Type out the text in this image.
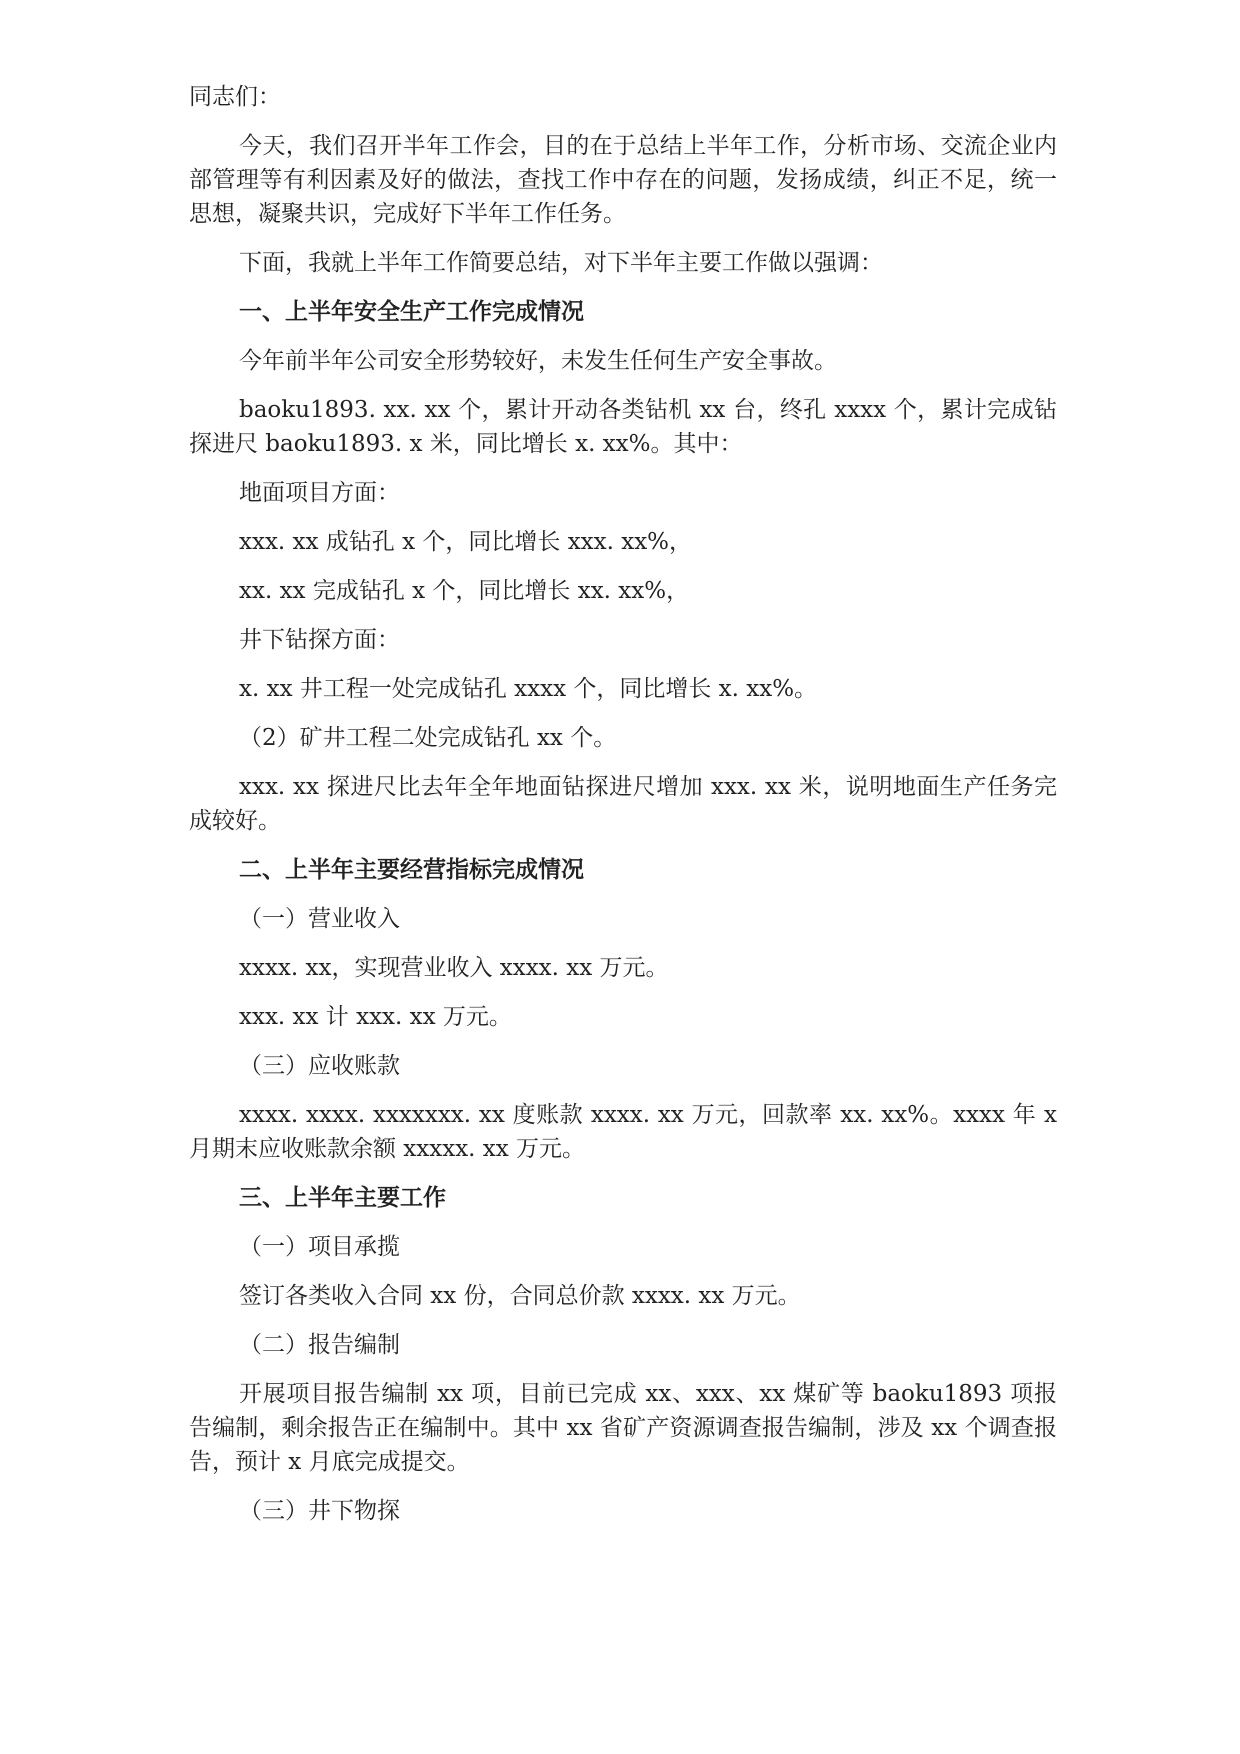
同志们：

今天，我们召开半年工作会，目的在于总结上半年工作，分析市场、交流企业内部管理等有利因素及好的做法，查找工作中存在的问题，发扬成绩，纠正不足，统一思想，凝聚共识，完成好下半年工作任务。

下面，我就上半年工作简要总结，对下半年主要工作做以强调：

一、上半年安全生产工作完成情况

今年前半年公司安全形势较好，未发生任何生产安全事故。

baoku1893. xx. xx 个，累计开动各类钻机 xx 台，终孔 xxxx 个，累计完成钻探进尺 baoku1893. x 米，同比增长 x. xx%。其中：

地面项目方面：

xxx. xx 成钻孔 x 个，同比增长 xxx. xx%，

xx. xx 完成钻孔 x 个，同比增长 xx. xx%，

井下钻探方面：

x. xx 井工程一处完成钻孔 xxxx 个，同比增长 x. xx%。

（2）矿井工程二处完成钻孔 xx 个。

xxx. xx 探进尺比去年全年地面钻探进尺增加 xxx. xx 米，说明地面生产任务完成较好。

二、上半年主要经营指标完成情况

（一）营业收入

xxxx. xx，实现营业收入 xxxx. xx 万元。

xxx. xx 计 xxx. xx 万元。

（三）应收账款

xxxx. xxxx. xxxxxxx. xx 度账款 xxxx. xx 万元，回款率 xx. xx%。xxxx 年 x 月期末应收账款余额 xxxxx. xx 万元。

三、上半年主要工作

（一）项目承揽

签订各类收入合同 xx 份，合同总价款 xxxx. xx 万元。

（二）报告编制

开展项目报告编制 xx 项，目前已完成 xx、xxx、xx 煤矿等 baoku1893 项报告编制，剩余报告正在编制中。其中 xx 省矿产资源调查报告编制，涉及 xx 个调查报告，预计 x 月底完成提交。

（三）井下物探
